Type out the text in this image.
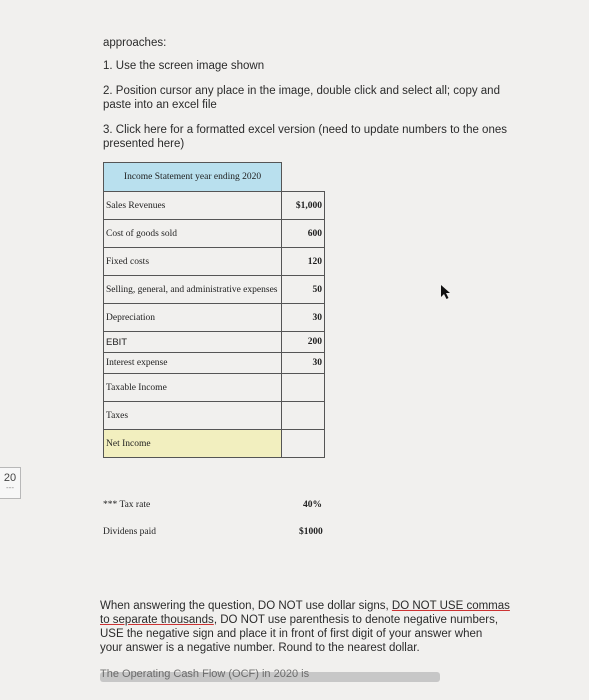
20
---
approaches:
1. Use the screen image shown
2. Position cursor any place in the image, double click and select all; copy and
paste into an excel file
3. Click here for a formatted excel version (need to update numbers to the ones
presented here)
Income Statement year ending 2020	
Sales Revenues	$1,000
Cost of goods sold	600
Fixed costs	120
Selling, general, and administrative expenses	50
Depreciation	30
EBIT	200
Interest expense	30
Taxable Income	
Taxes	
Net Income	
*** Tax rate	40%
Dividens paid	$1000
When answering the question, DO NOT use dollar signs, DO NOT USE commas
to separate thousands, DO NOT use parenthesis to denote negative numbers,
USE the negative sign and place it in front of first digit of your answer when
your answer is a negative number. Round to the nearest dollar.
The Operating Cash Flow (OCF) in 2020 is
